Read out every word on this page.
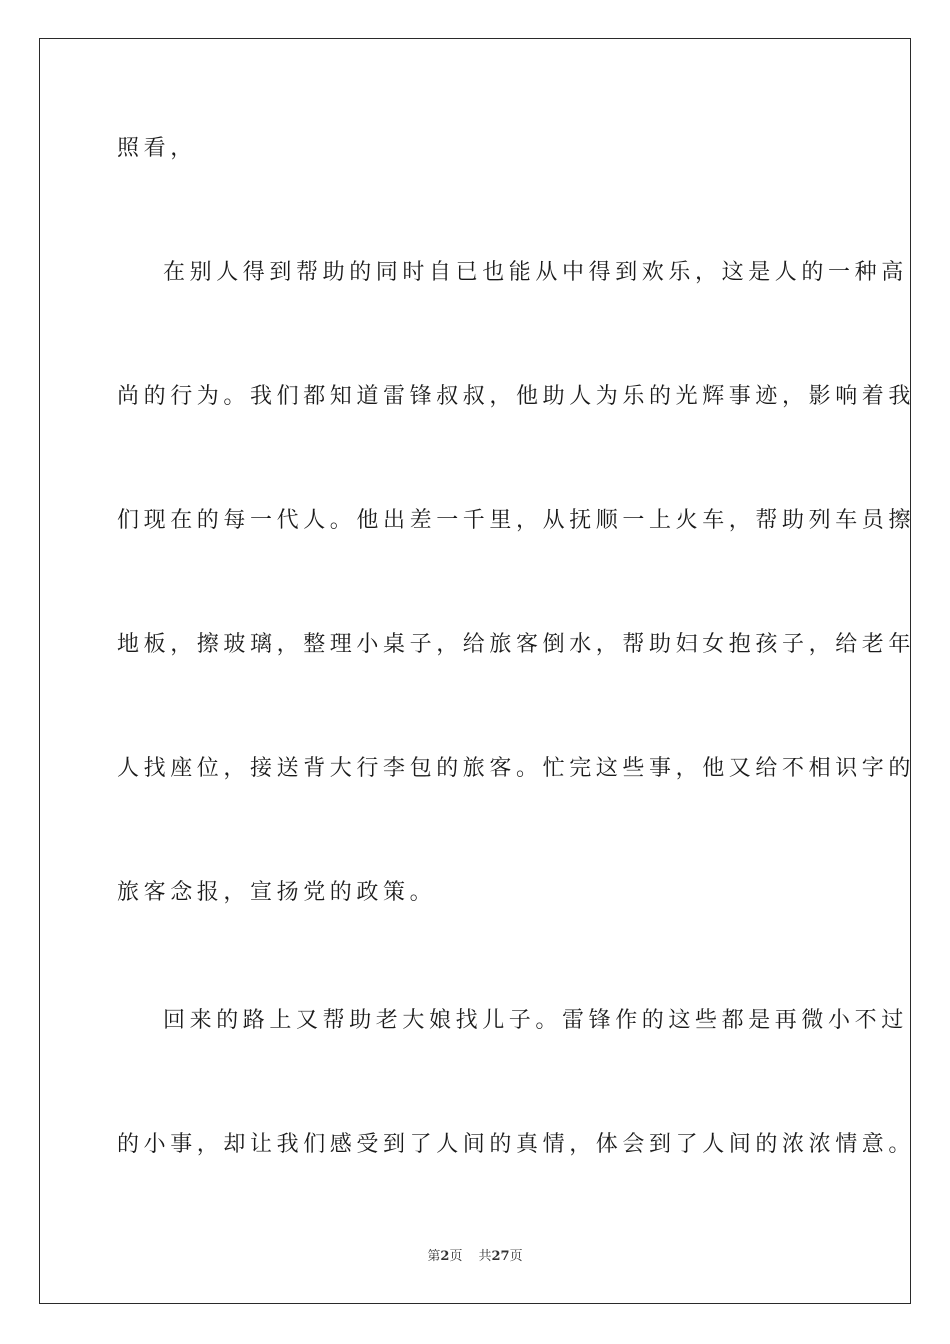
照看，
在别人得到帮助的同时自已也能从中得到欢乐，这是人的一种高
尚的行为。我们都知道雷锋叔叔，他助人为乐的光辉事迹，影响着我
们现在的每一代人。他出差一千里，从抚顺一上火车，帮助列车员擦
地板，擦玻璃，整理小桌子，给旅客倒水，帮助妇女抱孩子，给老年
人找座位，接送背大行李包的旅客。忙完这些事，他又给不相识字的
旅客念报，宣扬党的政策。
回来的路上又帮助老大娘找儿子。雷锋作的这些都是再微小不过
的小事，却让我们感受到了人间的真情，体会到了人间的浓浓情意。
第2页 共27页
